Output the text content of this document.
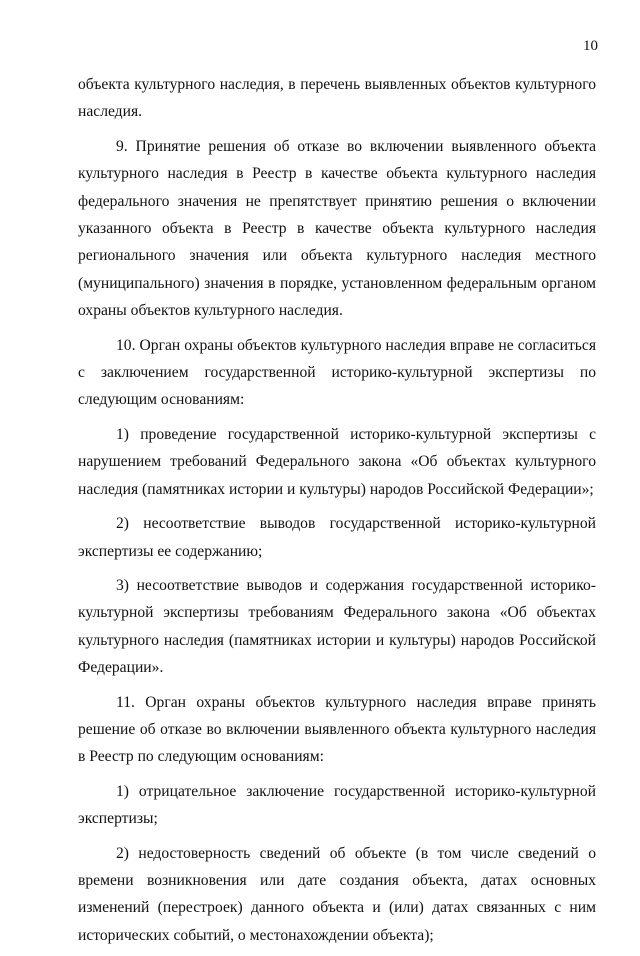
10

объекта культурного наследия, в перечень выявленных объектов культурного наследия.

9. Принятие решения об отказе во включении выявленного объекта культурного наследия в Реестр в качестве объекта культурного наследия федерального значения не препятствует принятию решения о включении указанного объекта в Реестр в качестве объекта культурного наследия регионального значения или объекта культурного наследия местного (муниципального) значения в порядке, установленном федеральным органом охраны объектов культурного наследия.

10. Орган охраны объектов культурного наследия вправе не согласиться с заключением государственной историко-культурной экспертизы по следующим основаниям:

1) проведение государственной историко-культурной экспертизы с нарушением требований Федерального закона «Об объектах культурного наследия (памятниках истории и культуры) народов Российской Федерации»;

2) несоответствие выводов государственной историко-культурной экспертизы ее содержанию;

3) несоответствие выводов и содержания государственной историко-культурной экспертизы требованиям Федерального закона «Об объектах культурного наследия (памятниках истории и культуры) народов Российской Федерации».

11. Орган охраны объектов культурного наследия вправе принять решение об отказе во включении выявленного объекта культурного наследия в Реестр по следующим основаниям:

1) отрицательное заключение государственной историко-культурной экспертизы;

2) недостоверность сведений об объекте (в том числе сведений о времени возникновения или дате создания объекта, датах основных изменений (перестроек) данного объекта и (или) датах связанных с ним исторических событий, о местонахождении объекта);
